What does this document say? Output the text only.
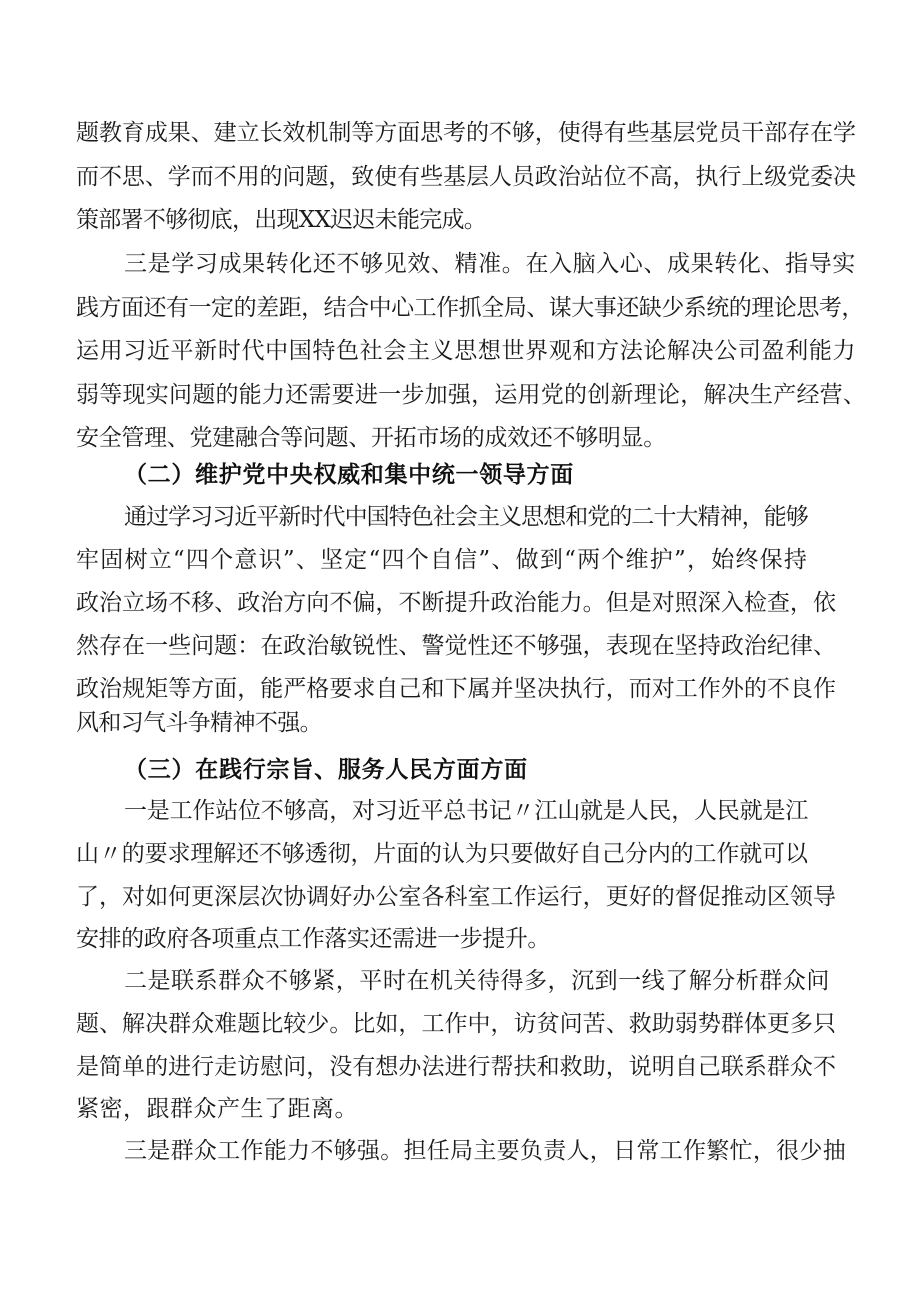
题教育成果、建立长效机制等方面思考的不够，使得有些基层党员干部存在学
而不思、学而不用的问题，致使有些基层人员政治站位不高，执行上级党委决
策部署不够彻底，出现XX迟迟未能完成。
三是学习成果转化还不够见效、精准。在入脑入心、成果转化、指导实
践方面还有一定的差距，结合中心工作抓全局、谋大事还缺少系统的理论思考，
运用习近平新时代中国特色社会主义思想世界观和方法论解决公司盈利能力
弱等现实问题的能力还需要进一步加强，运用党的创新理论，解决生产经营、
安全管理、党建融合等问题、开拓市场的成效还不够明显。
（二）维护党中央权威和集中统一领导方面
通过学习习近平新时代中国特色社会主义思想和党的二十大精神，能够
牢固树立“四个意识”、坚定“四个自信”、做到“两个维护”，始终保持
政治立场不移、政治方向不偏，不断提升政治能力。但是对照深入检查，依
然存在一些问题：在政治敏锐性、警觉性还不够强，表现在坚持政治纪律、
政治规矩等方面，能严格要求自己和下属并坚决执行，而对工作外的不良作
风和习气斗争精神不强。
（三）在践行宗旨、服务人民方面方面
一是工作站位不够高，对习近平总书记〃江山就是人民，人民就是江
山〃的要求理解还不够透彻，片面的认为只要做好自己分内的工作就可以
了，对如何更深层次协调好办公室各科室工作运行，更好的督促推动区领导
安排的政府各项重点工作落实还需进一步提升。
二是联系群众不够紧，平时在机关待得多，沉到一线了解分析群众问
题、解决群众难题比较少。比如，工作中，访贫问苦、救助弱势群体更多只
是简单的进行走访慰问，没有想办法进行帮扶和救助，说明自己联系群众不
紧密，跟群众产生了距离。
三是群众工作能力不够强。担任局主要负责人，日常工作繁忙，很少抽
